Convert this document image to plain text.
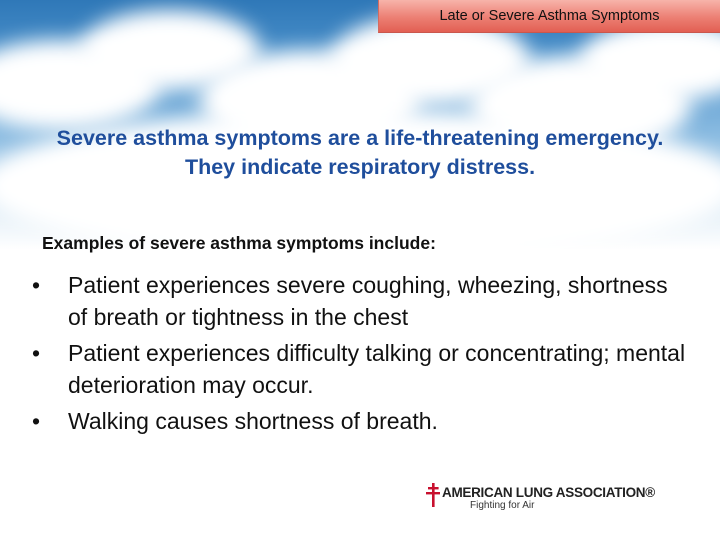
Late or Severe Asthma Symptoms
Severe asthma symptoms are a life-threatening emergency. They indicate respiratory distress.
Examples of severe asthma symptoms include:
• Patient experiences severe coughing, wheezing, shortness of breath or tightness in the chest
• Patient experiences difficulty talking or concentrating; mental deterioration may occur.
• Walking causes shortness of breath.
AMERICAN LUNG ASSOCIATION®
Fighting for Air
